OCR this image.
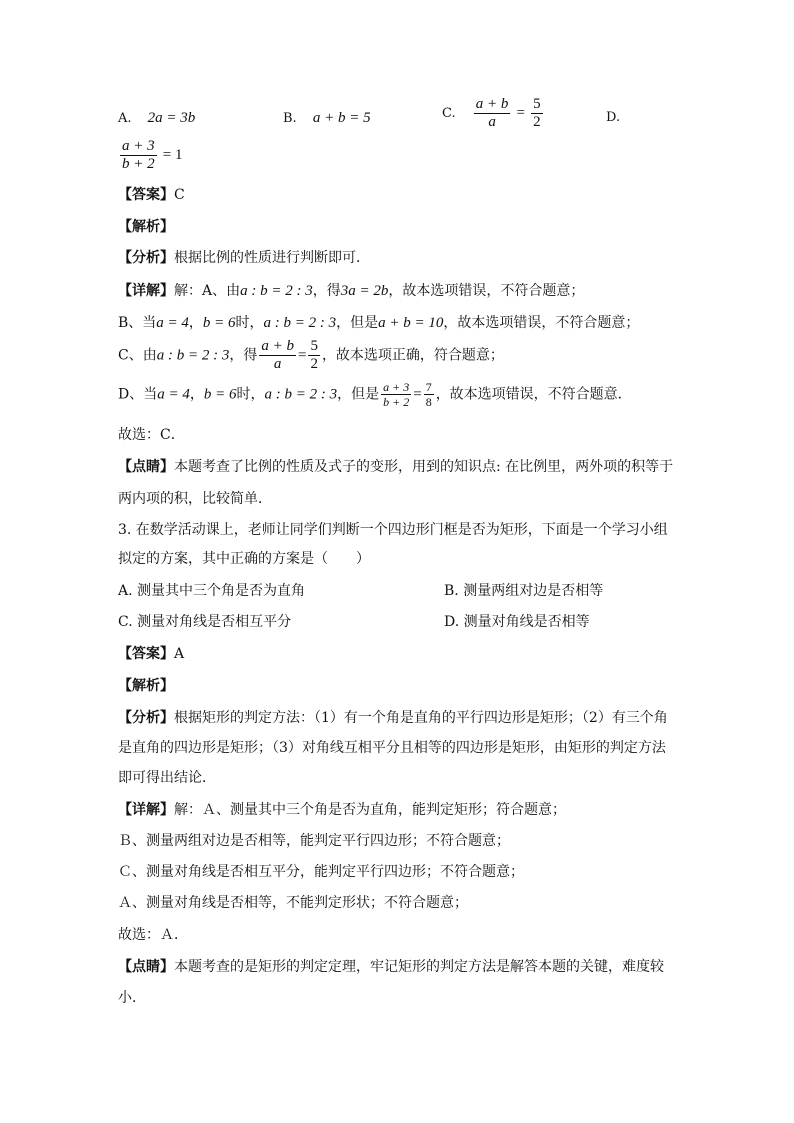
A. 2a = 3b	B. a + b = 5	C. $\frac{a + b}{a} = \frac{5}{2}$	D.
$\frac{a + 3}{b + 2} = 1$
【答案】C
【解析】
【分析】根据比例的性质进行判断即可．
【详解】解：A、由a : b = 2 : 3，得3a = 2b，故本选项错误，不符合题意；
B、当a = 4，b = 6时，a : b = 2 : 3，但是a + b = 10，故本选项错误，不符合题意；
C、由a : b = 2 : 3，得 $\frac{a + b}{a} = \frac{5}{2}$ ，故本选项正确，符合题意；
D、当a = 4，b = 6时，a : b = 2 : 3，但是 $\frac{a + 3}{b + 2} = \frac{7}{8}$ ，故本选项错误，不符合题意．
故选：C．
【点睛】本题考查了比例的性质及式子的变形，用到的知识点: 在比例里，两外项的积等于
两内项的积，比较简单．
3. 在数学活动课上，老师让同学们判断一个四边形门框是否为矩形，下面是一个学习小组
拟定的方案，其中正确的方案是（　　）
A. 测量其中三个角是否为直角	B. 测量两组对边是否相等
C. 测量对角线是否相互平分	D. 测量对角线是否相等
【答案】A
【解析】
【分析】根据矩形的判定方法：（1）有一个角是直角的平行四边形是矩形；（2）有三个角
是直角的四边形是矩形；（3）对角线互相平分且相等的四边形是矩形，由矩形的判定方法
即可得出结论．
【详解】解：Ａ、测量其中三个角是否为直角，能判定矩形；符合题意；
Ｂ、测量两组对边是否相等，能判定平行四边形；不符合题意；
Ｃ、测量对角线是否相互平分，能判定平行四边形；不符合题意；
Ａ、测量对角线是否相等，不能判定形状；不符合题意；
故选：Ａ．
【点睛】本题考查的是矩形的判定定理，牢记矩形的判定方法是解答本题的关键，难度较
小．
